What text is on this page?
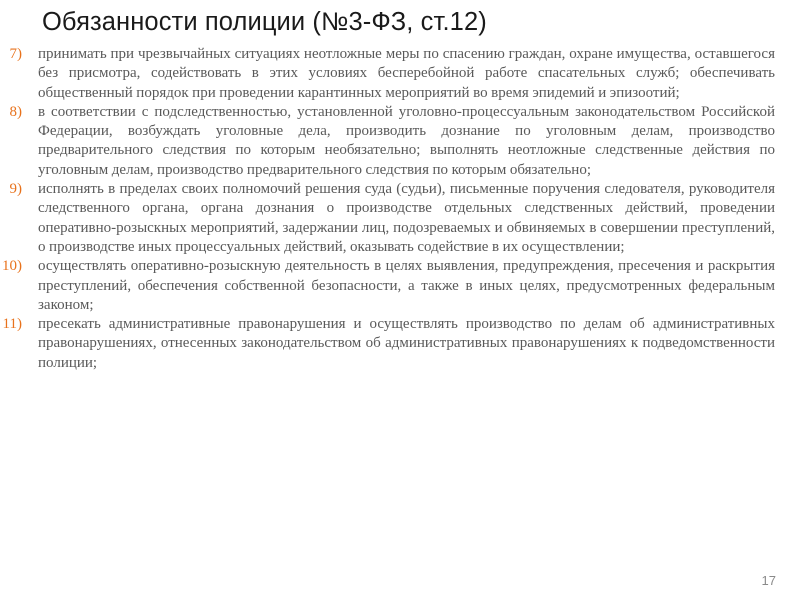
Обязанности полиции (№3-ФЗ, ст.12)
7) принимать при чрезвычайных ситуациях неотложные меры по спасению граждан, охране имущества, оставшегося без присмотра, содействовать в этих условиях бесперебойной работе спасательных служб; обеспечивать общественный порядок при проведении карантинных мероприятий во время эпидемий и эпизоотий;
8) в соответствии с подследственностью, установленной уголовно-процессуальным законодательством Российской Федерации, возбуждать уголовные дела, производить дознание по уголовным делам, производство предварительного следствия по которым необязательно; выполнять неотложные следственные действия по уголовным делам, производство предварительного следствия по которым обязательно;
9) исполнять в пределах своих полномочий решения суда (судьи), письменные поручения следователя, руководителя следственного органа, органа дознания о производстве отдельных следственных действий, проведении оперативно-розыскных мероприятий, задержании лиц, подозреваемых и обвиняемых в совершении преступлений, о производстве иных процессуальных действий, оказывать содействие в их осуществлении;
10) осуществлять оперативно-розыскную деятельность в целях выявления, предупреждения, пресечения и раскрытия преступлений, обеспечения собственной безопасности, а также в иных целях, предусмотренных федеральным законом;
11) пресекать административные правонарушения и осуществлять производство по делам об административных правонарушениях, отнесенных законодательством об административных правонарушениях к подведомственности полиции;
17
